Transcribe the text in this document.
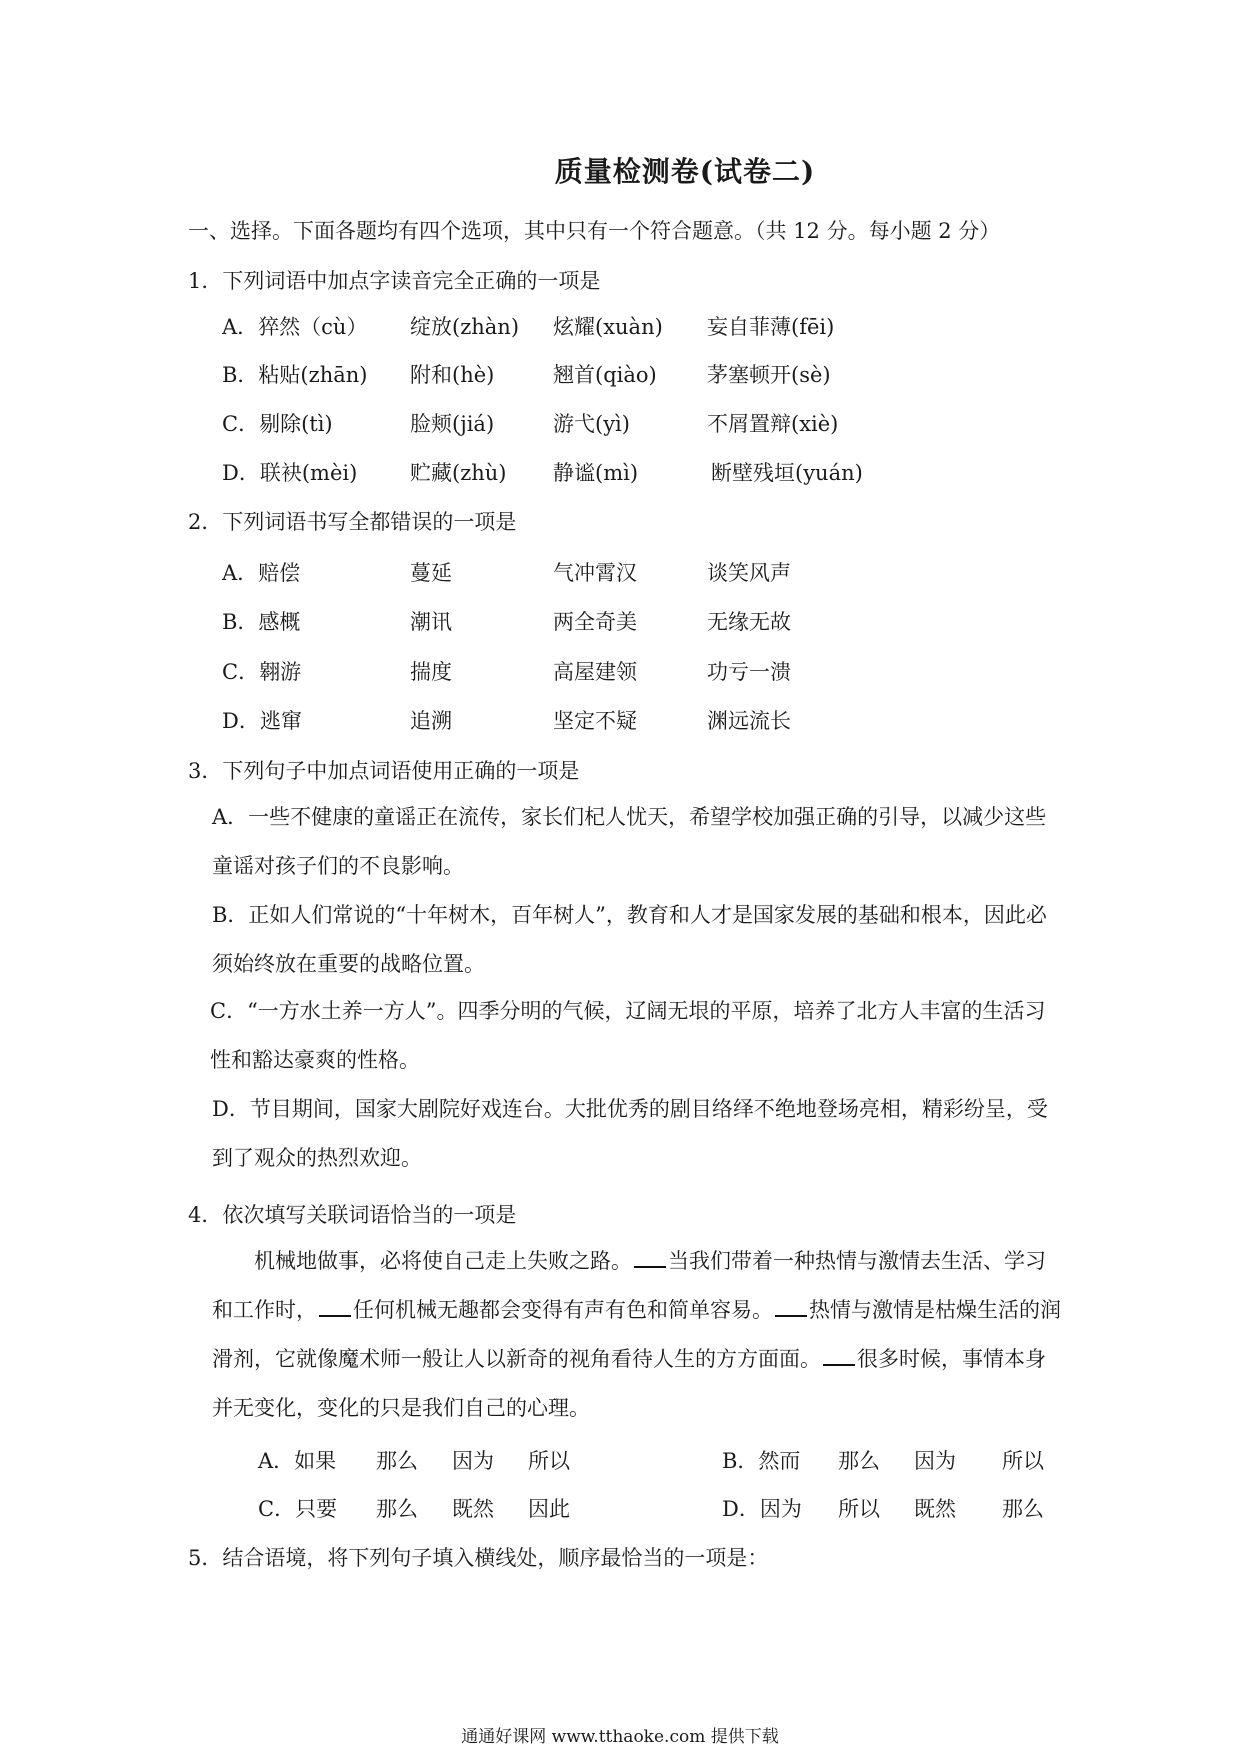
质量检测卷(试卷二)
一、选择。下面各题均有四个选项，其中只有一个符合题意。（共 12 分。每小题 2 分）
1．下列词语中加点字读音完全正确的一项是
A．猝然（cù） 绽放(zhàn) 炫耀(xuàn) 妄自菲薄(fēi)
B．粘贴(zhān) 附和(hè)	翘首(qiào) 茅塞顿开(sè)
C．剔除(tì)	脸颊(jiá)	游弋(yì)	不屑置辩(xiè)
D．联袂(mèi)	贮藏(zhù) 静谧(mì)	断壁残垣(yuán)
2．下列词语书写全都错误的一项是
A．赔偿	蔓延	气冲霄汉	谈笑风声
B．感概	潮讯	两全奇美	无缘无故
C．翱游	揣度	高屋建领	功亏一溃
D．逃窜	追溯	坚定不疑	渊远流长
3．下列句子中加点词语使用正确的一项是
A．一些不健康的童谣正在流传，家长们杞人忧天，希望学校加强正确的引导，以减少这些童谣对孩子们的不良影响。
B．正如人们常说的“十年树木，百年树人”，教育和人才是国家发展的基础和根本，因此必须始终放在重要的战略位置。
C．“一方水土养一方人”。四季分明的气候，辽阔无垠的平原，培养了北方人丰富的生活习性和豁达豪爽的性格。
D．节目期间，国家大剧院好戏连台。大批优秀的剧目络绎不绝地登场亮相，精彩纷呈，受到了观众的热烈欢迎。
4．依次填写关联词语恰当的一项是
机械地做事，必将使自己走上失败之路。 当我们带着一种热情与激情去生活、学习和工作时， 任何机械无趣都会变得有声有色和简单容易。 热情与激情是枯燥生活的润滑剂，它就像魔术师一般让人以新奇的视角看待人生的方方面面。 很多时候，事情本身并无变化，变化的只是我们自己的心理。
A．如果 那么 因为 所以	B．然而 那么 因为 所以
C．只要 那么 既然 因此	D．因为 所以 既然 那么
5．结合语境，将下列句子填入横线处，顺序最恰当的一项是：
通通好课网 www.tthaoke.com 提供下载
